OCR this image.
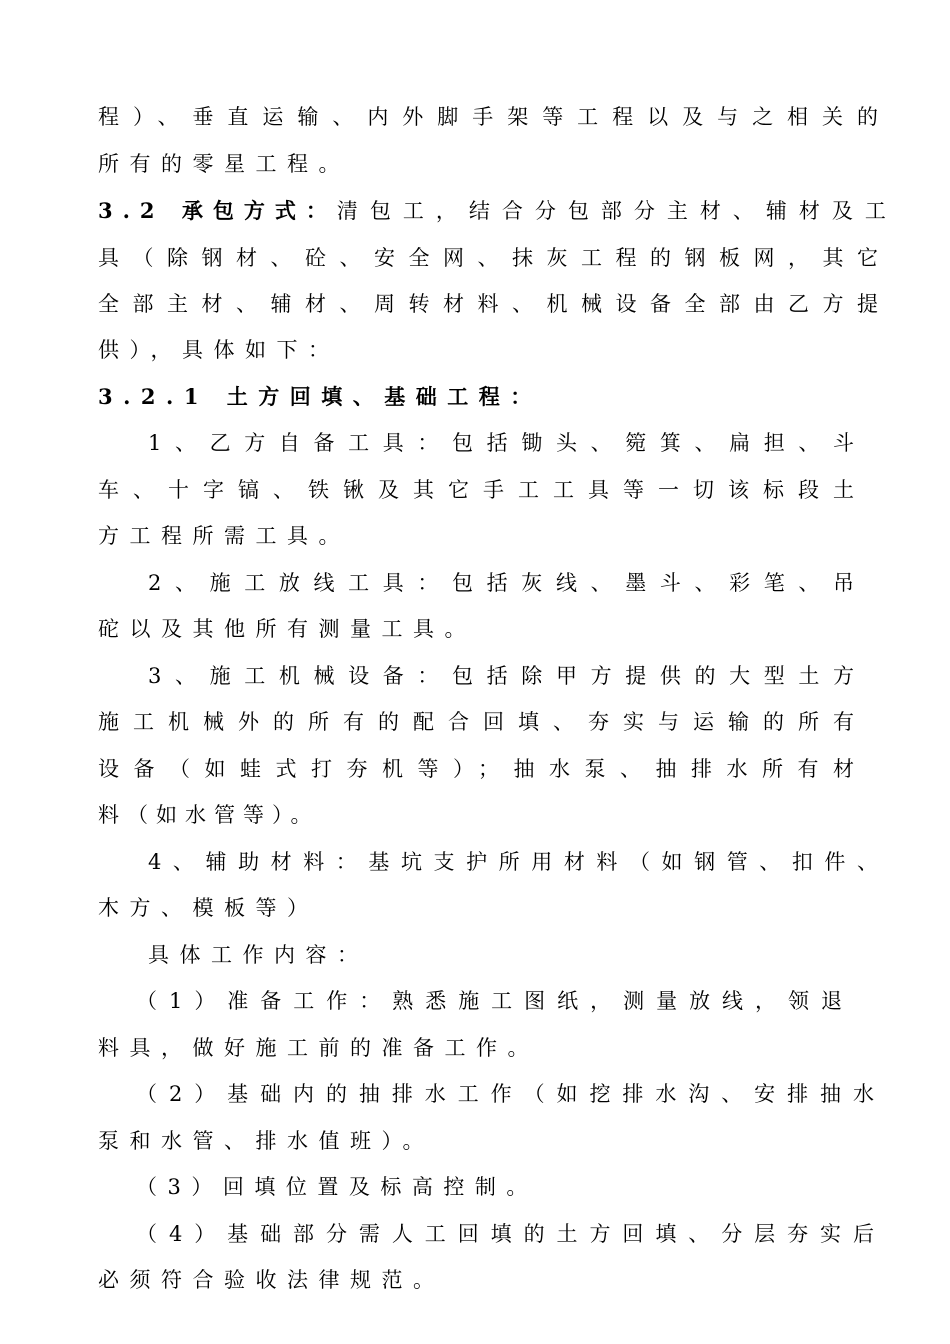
程）、垂直运输、内外脚手架等工程以及与之相关的
所有的零星工程。
3.2 承包方式：清包工，结合分包部分主材、辅材及工
具（除钢材、砼、安全网、抹灰工程的钢板网，其它
全部主材、辅材、周转材料、机械设备全部由乙方提
供），具体如下：
3.2.1 土方回填、基础工程：
1、乙方自备工具：包括锄头、箢箕、扁担、斗
车、十字镐、铁锹及其它手工工具等一切该标段土
方工程所需工具。
2、施工放线工具：包括灰线、墨斗、彩笔、吊
砣以及其他所有测量工具。
3、施工机械设备：包括除甲方提供的大型土方
施工机械外的所有的配合回填、夯实与运输的所有
设备（如蛙式打夯机等）；抽水泵、抽排水所有材
料（如水管等）。
4、辅助材料：基坑支护所用材料（如钢管、扣件、
木方、模板等）
具体工作内容：
（1）准备工作：熟悉施工图纸，测量放线，领退
料具，做好施工前的准备工作。
（2）基础内的抽排水工作（如挖排水沟、安排抽水
泵和水管、排水值班）。
（3）回填位置及标高控制。
（4）基础部分需人工回填的土方回填、分层夯实后
必须符合验收法律规范。
